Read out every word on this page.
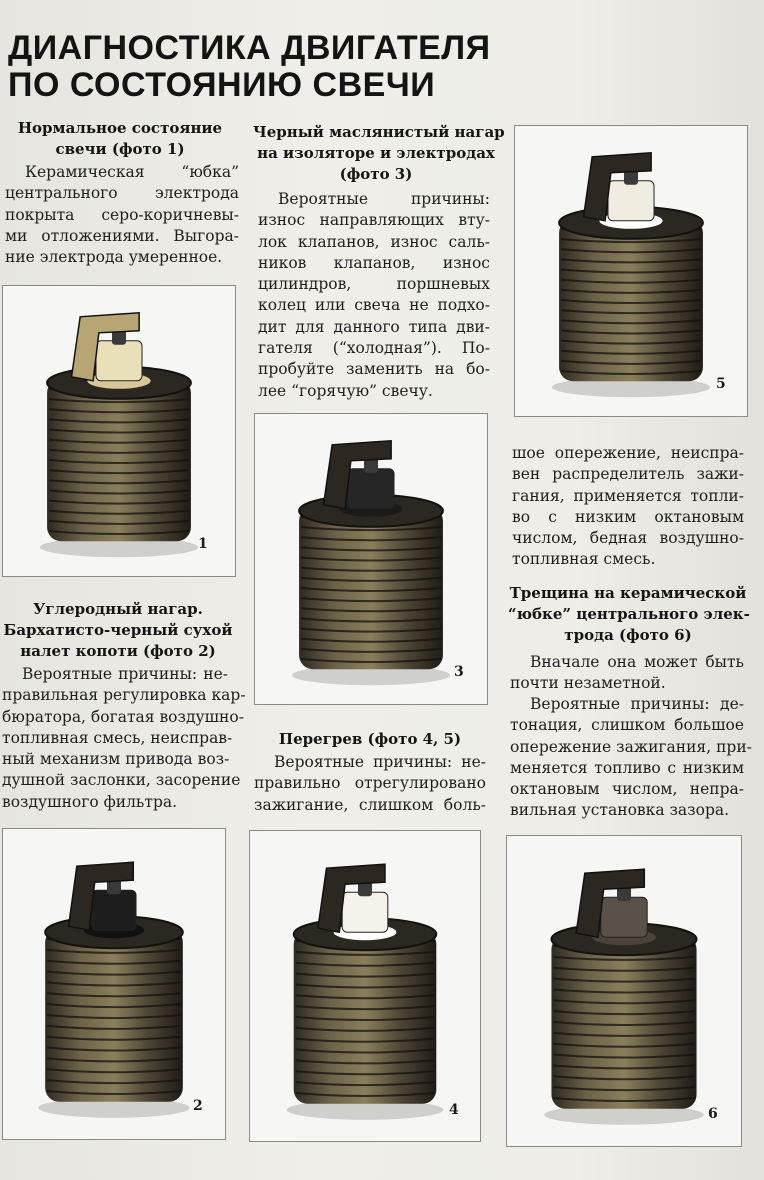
ДИАГНОСТИКА ДВИГАТЕЛЯ
ПО СОСТОЯНИЮ СВЕЧИ
Нормальное состояние
свечи (фото 1)
Керамическая “юбка”
центрального электрода
покрыта серо-коричневы-
ми отложениями. Выгора-
ние электрода умеренное.
1
Углеродный нагар.
Бархатисто-черный сухой
налет копоти (фото 2)
Вероятные причины: не-
правильная регулировка кар-
бюратора, богатая воздушно-
топливная смесь, неисправ-
ный механизм привода воз-
душной заслонки, засорение
воздушного фильтра.
2
Черный маслянистый нагар
на изоляторе и электродах
(фото 3)
Вероятные причины:
износ направляющих вту-
лок клапанов, износ саль-
ников клапанов, износ
цилиндров, поршневых
колец или свеча не подхо-
дит для данного типа дви-
гателя (“холодная”). По-
пробуйте заменить на бо-
лее “горячую” свечу.
3
Перегрев (фото 4, 5)
Вероятные причины: не-
правильно отрегулировано
зажигание, слишком боль-
4
5
шое опережение, неиспра-
вен распределитель зажи-
гания, применяется топли-
во с низким октановым
числом, бедная воздушно-
топливная смесь.
Трещина на керамической
“юбке” центрального элек-
трода (фото 6)
Вначале она может быть
почти незаметной.
Вероятные причины: де-
тонация, слишком большое
опережение зажигания, при-
меняется топливо с низким
октановым числом, непра-
вильная установка зазора.
6
